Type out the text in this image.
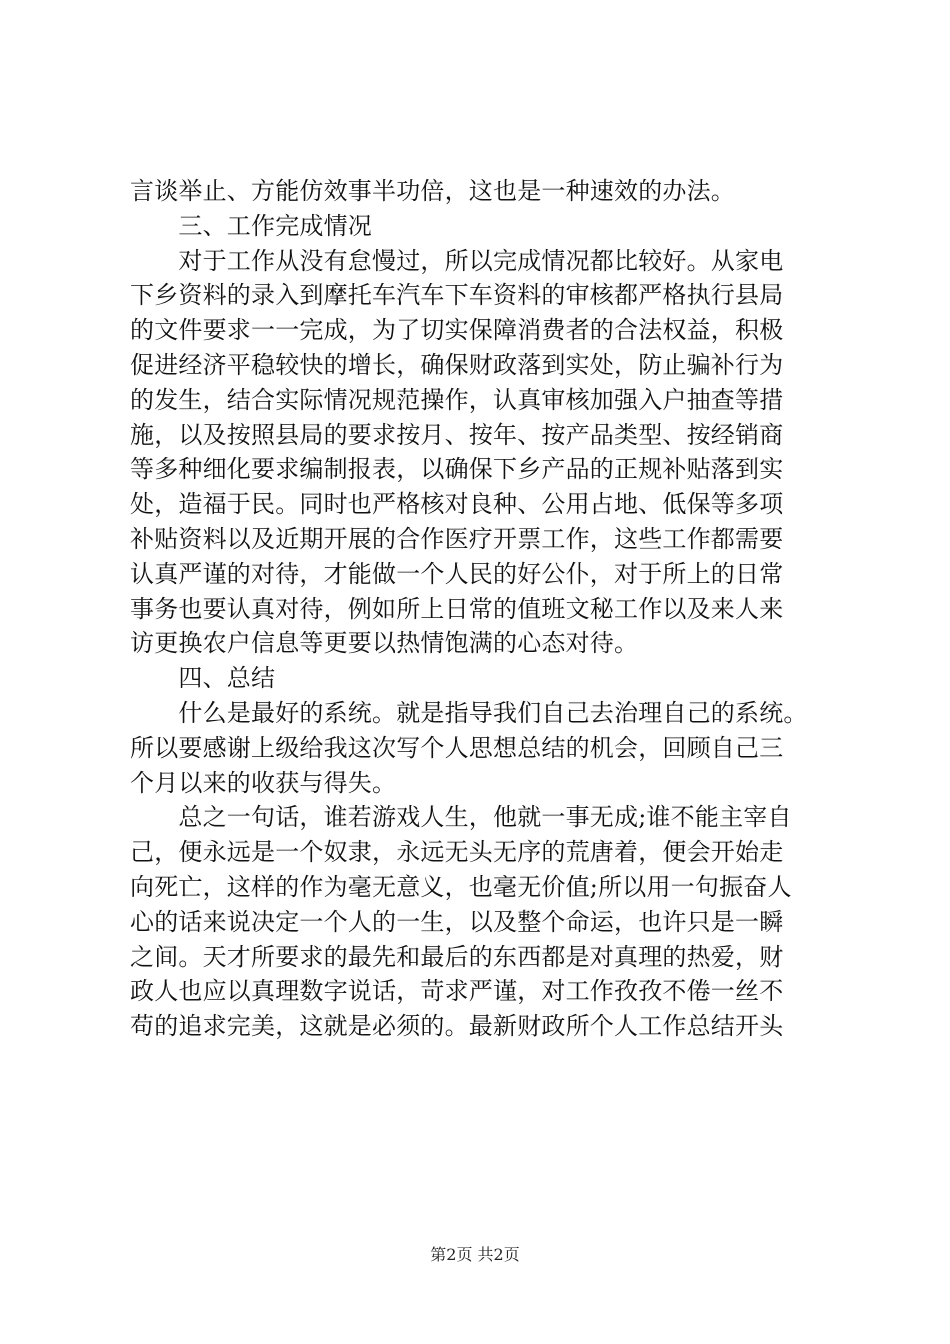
言谈举止、方能仿效事半功倍，这也是一种速效的办法。
　　三、工作完成情况
　　对于工作从没有怠慢过，所以完成情况都比较好。从家电
下乡资料的录入到摩托车汽车下车资料的审核都严格执行县局
的文件要求一一完成，为了切实保障消费者的合法权益，积极
促进经济平稳较快的增长，确保财政落到实处，防止骗补行为
的发生，结合实际情况规范操作，认真审核加强入户抽查等措
施，以及按照县局的要求按月、按年、按产品类型、按经销商
等多种细化要求编制报表，以确保下乡产品的正规补贴落到实
处，造福于民。同时也严格核对良种、公用占地、低保等多项
补贴资料以及近期开展的合作医疗开票工作，这些工作都需要
认真严谨的对待，才能做一个人民的好公仆，对于所上的日常
事务也要认真对待，例如所上日常的值班文秘工作以及来人来
访更换农户信息等更要以热情饱满的心态对待。
　　四、总结
　　什么是最好的系统。就是指导我们自己去治理自己的系统。
所以要感谢上级给我这次写个人思想总结的机会，回顾自己三
个月以来的收获与得失。
　　总之一句话，谁若游戏人生，他就一事无成;谁不能主宰自
己，便永远是一个奴隶，永远无头无序的荒唐着，便会开始走
向死亡，这样的作为毫无意义，也毫无价值;所以用一句振奋人
心的话来说决定一个人的一生，以及整个命运，也许只是一瞬
之间。天才所要求的最先和最后的东西都是对真理的热爱，财
政人也应以真理数字说话，苛求严谨，对工作孜孜不倦一丝不
苟的追求完美，这就是必须的。最新财政所个人工作总结开头
第2页 共2页
